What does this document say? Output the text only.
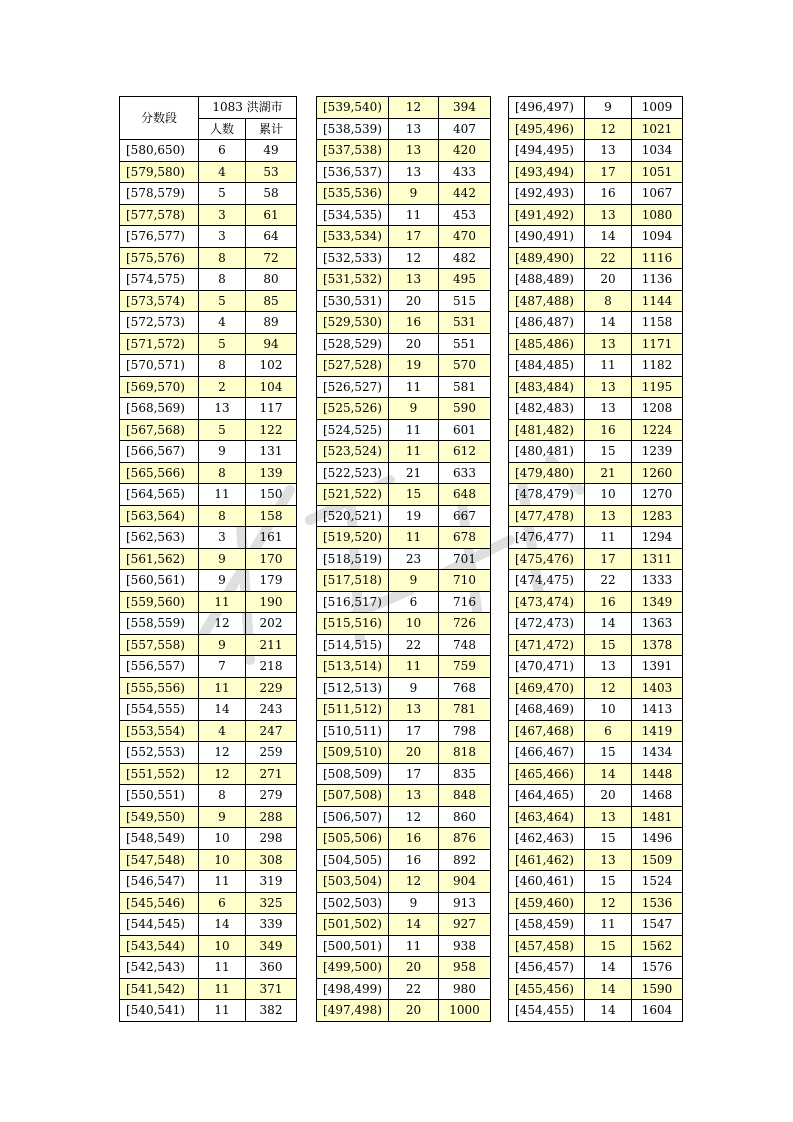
分数段	1083 洪湖市	
	人数	累计
[580,650)	6	49
[579,580)	4	53
[578,579)	5	58
[577,578)	3	61
[576,577)	3	64
[575,576)	8	72
[574,575)	8	80
[573,574)	5	85
[572,573)	4	89
[571,572)	5	94
[570,571)	8	102
[569,570)	2	104
[568,569)	13	117
[567,568)	5	122
[566,567)	9	131
[565,566)	8	139
[564,565)	11	150
[563,564)	8	158
[562,563)	3	161
[561,562)	9	170
[560,561)	9	179
[559,560)	11	190
[558,559)	12	202
[557,558)	9	211
[556,557)	7	218
[555,556)	11	229
[554,555)	14	243
[553,554)	4	247
[552,553)	12	259
[551,552)	12	271
[550,551)	8	279
[549,550)	9	288
[548,549)	10	298
[547,548)	10	308
[546,547)	11	319
[545,546)	6	325
[544,545)	14	339
[543,544)	10	349
[542,543)	11	360
[541,542)	11	371
[540,541)	11	382
[539,540)	12	394
[538,539)	13	407
[537,538)	13	420
[536,537)	13	433
[535,536)	9	442
[534,535)	11	453
[533,534)	17	470
[532,533)	12	482
[531,532)	13	495
[530,531)	20	515
[529,530)	16	531
[528,529)	20	551
[527,528)	19	570
[526,527)	11	581
[525,526)	9	590
[524,525)	11	601
[523,524)	11	612
[522,523)	21	633
[521,522)	15	648
[520,521)	19	667
[519,520)	11	678
[518,519)	23	701
[517,518)	9	710
[516,517)	6	716
[515,516)	10	726
[514,515)	22	748
[513,514)	11	759
[512,513)	9	768
[511,512)	13	781
[510,511)	17	798
[509,510)	20	818
[508,509)	17	835
[507,508)	13	848
[506,507)	12	860
[505,506)	16	876
[504,505)	16	892
[503,504)	12	904
[502,503)	9	913
[501,502)	14	927
[500,501)	11	938
[499,500)	20	958
[498,499)	22	980
[497,498)	20	1000
[496,497)	9	1009
[495,496)	12	1021
[494,495)	13	1034
[493,494)	17	1051
[492,493)	16	1067
[491,492)	13	1080
[490,491)	14	1094
[489,490)	22	1116
[488,489)	20	1136
[487,488)	8	1144
[486,487)	14	1158
[485,486)	13	1171
[484,485)	11	1182
[483,484)	13	1195
[482,483)	13	1208
[481,482)	16	1224
[480,481)	15	1239
[479,480)	21	1260
[478,479)	10	1270
[477,478)	13	1283
[476,477)	11	1294
[475,476)	17	1311
[474,475)	22	1333
[473,474)	16	1349
[472,473)	14	1363
[471,472)	15	1378
[470,471)	13	1391
[469,470)	12	1403
[468,469)	10	1413
[467,468)	6	1419
[466,467)	15	1434
[465,466)	14	1448
[464,465)	20	1468
[463,464)	13	1481
[462,463)	15	1496
[461,462)	13	1509
[460,461)	15	1524
[459,460)	12	1536
[458,459)	11	1547
[457,458)	15	1562
[456,457)	14	1576
[455,456)	14	1590
[454,455)	14	1604
